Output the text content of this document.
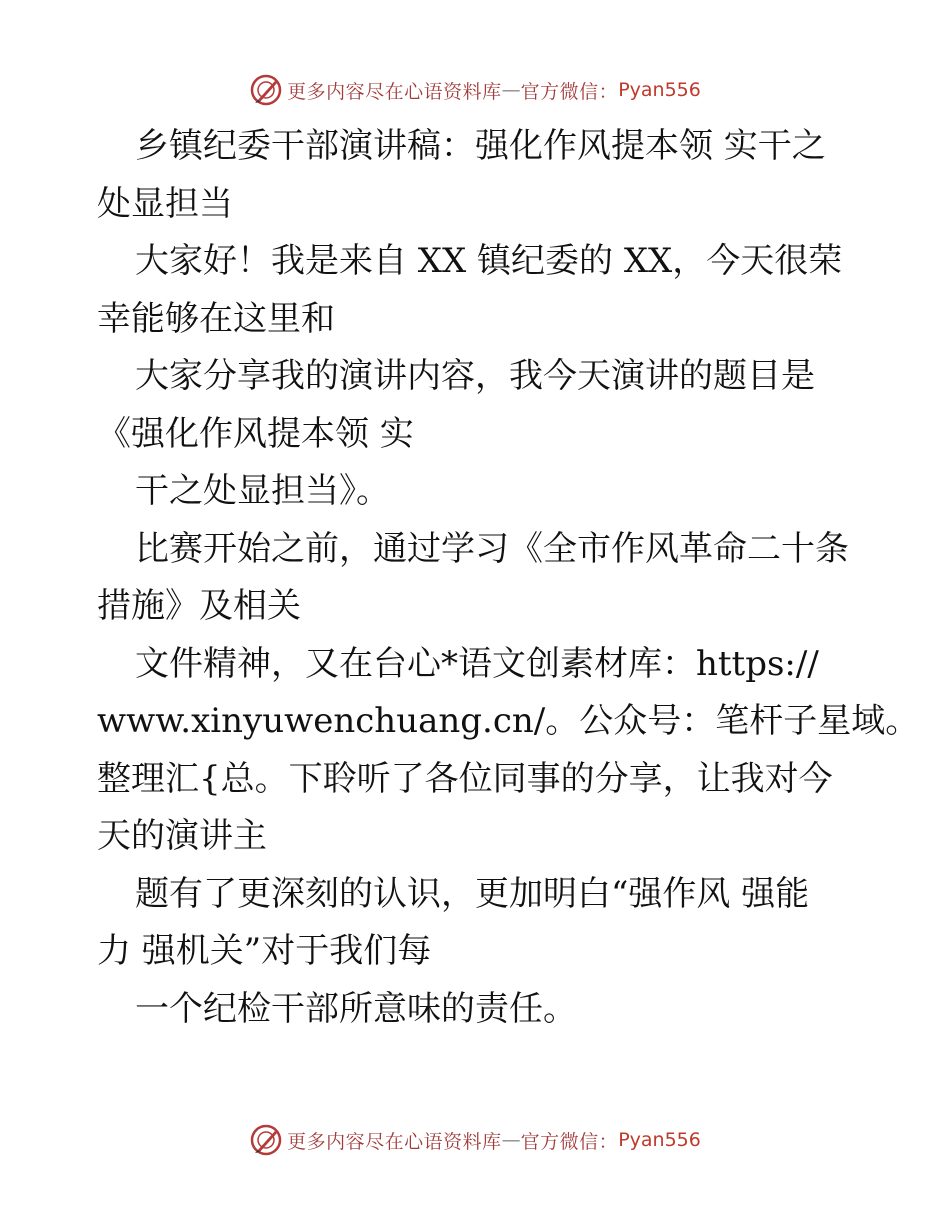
更多内容尽在心语资料库 — 官方微信： Pyan556
乡镇纪委干部演讲稿：强化作风提本领 实干之
处显担当
大家好！我是来自 XX 镇纪委的 XX，今天很荣
幸能够在这里和
大家分享我的演讲内容，我今天演讲的题目是
《强化作风提本领 实
干之处显担当》。
比赛开始之前，通过学习《全市作风革命二十条
措施》及相关
文件精神，又在台心*语文创素材库：https://
www.xinyuwenchuang.cn/。公众号：笔杆子星域。
整理汇{总。下聆听了各位同事的分享，让我对今
天的演讲主
题有了更深刻的认识，更加明白“强作风 强能
力 强机关”对于我们每
一个纪检干部所意味的责任。
更多内容尽在心语资料库 — 官方微信： Pyan556
